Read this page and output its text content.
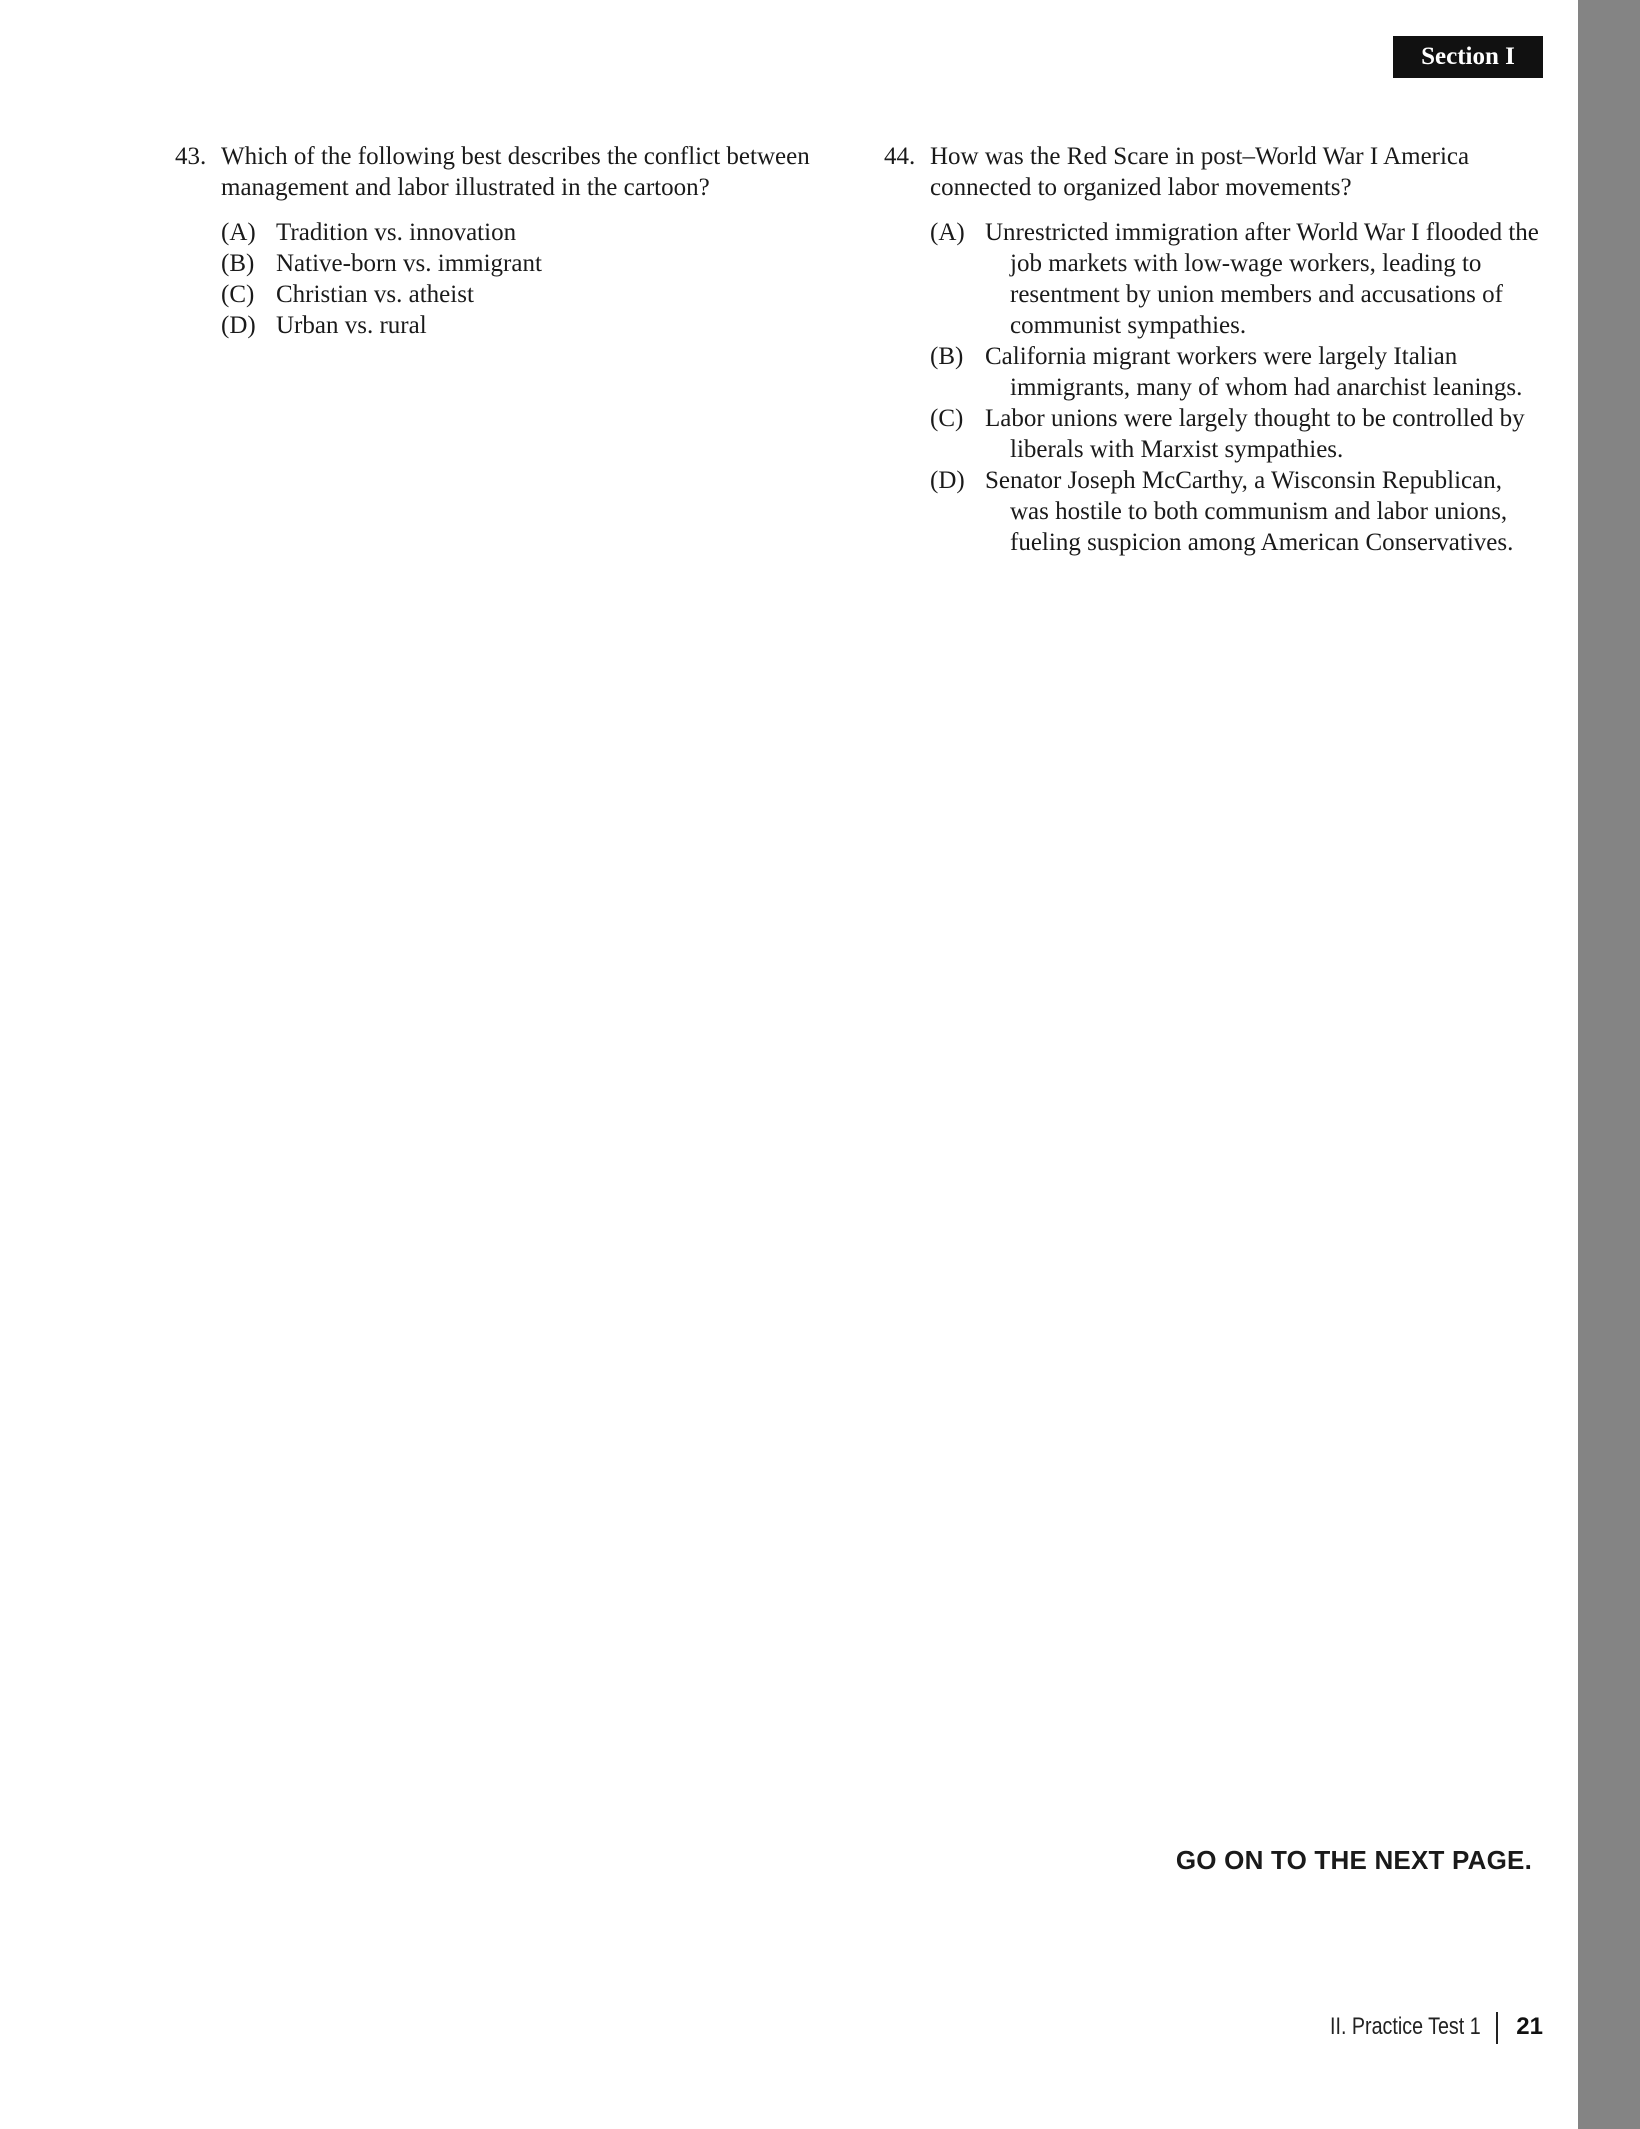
Section I
43. Which of the following best describes the conflict between management and labor illustrated in the cartoon?
(A) Tradition vs. innovation
(B) Native-born vs. immigrant
(C) Christian vs. atheist
(D) Urban vs. rural
44. How was the Red Scare in post–World War I America connected to organized labor movements?
(A) Unrestricted immigration after World War I flooded the job markets with low-wage workers, leading to resentment by union members and accusations of communist sympathies.
(B) California migrant workers were largely Italian immigrants, many of whom had anarchist leanings.
(C) Labor unions were largely thought to be controlled by liberals with Marxist sympathies.
(D) Senator Joseph McCarthy, a Wisconsin Republican, was hostile to both communism and labor unions, fueling suspicion among American Conservatives.
GO ON TO THE NEXT PAGE.
II. Practice Test 1 21
